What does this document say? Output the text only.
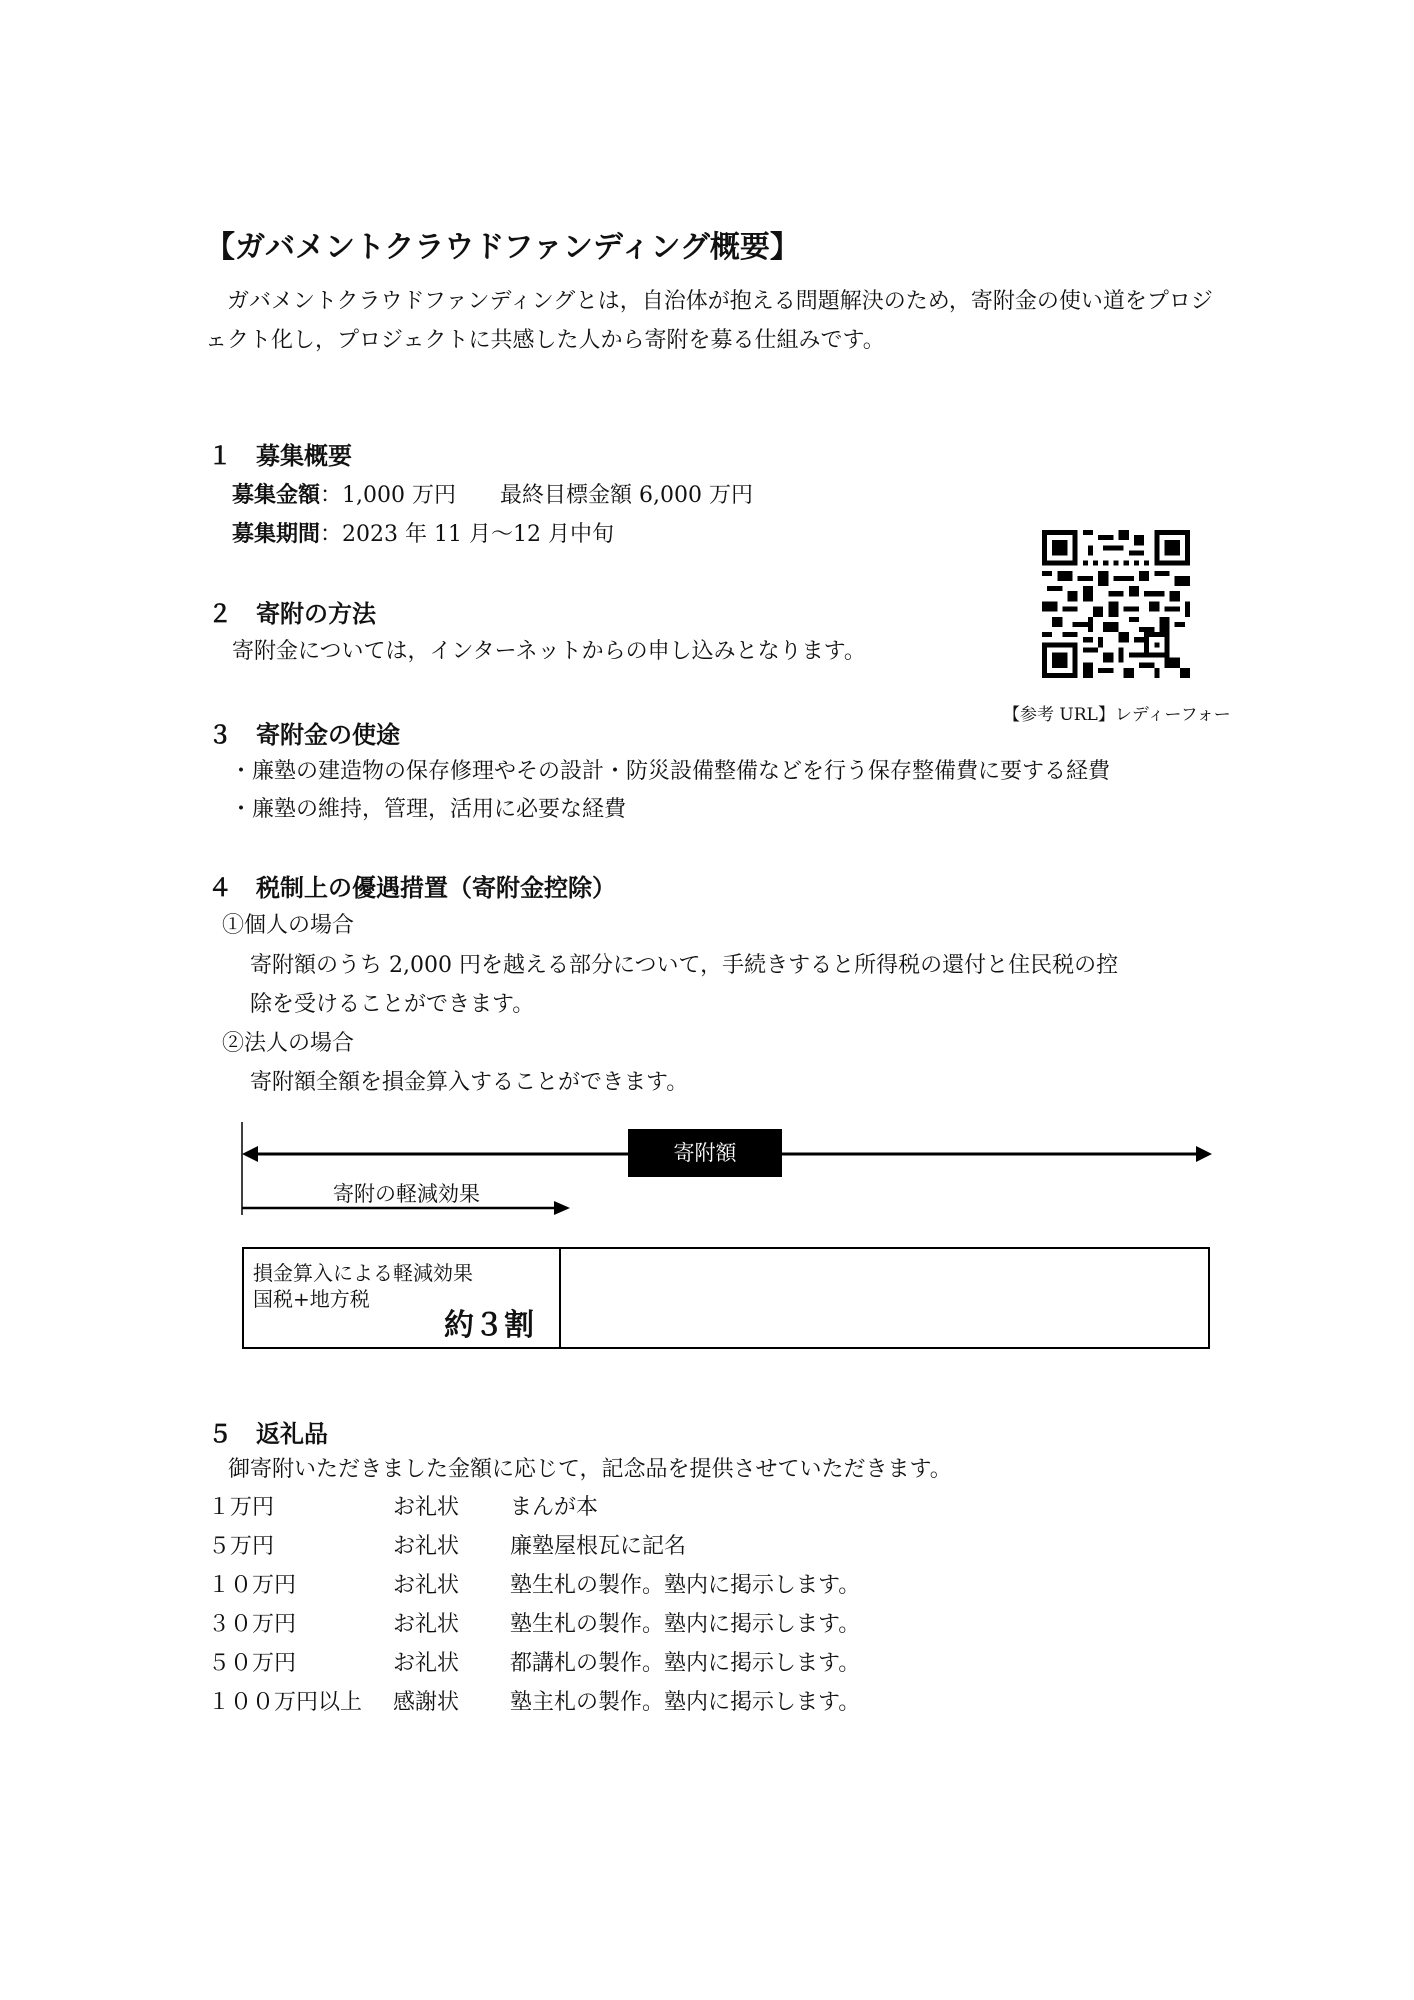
【ガバメントクラウドファンディング概要】
ガバメントクラウドファンディングとは，自治体が抱える問題解決のため，寄附金の使い道をプロジェクト化し，プロジェクトに共感した人から寄附を募る仕組みです。
１　募集概要
募集金額：1,000 万円　　最終目標金額 6,000 万円
募集期間：2023 年 11 月～12 月中旬
２　寄附の方法
寄附金については，インターネットからの申し込みとなります。
【参考 URL】レディーフォー
３　寄附金の使途
・廉塾の建造物の保存修理やその設計・防災設備整備などを行う保存整備費に要する経費
・廉塾の維持，管理，活用に必要な経費
４　税制上の優遇措置（寄附金控除）
①個人の場合
寄附額のうち 2,000 円を越える部分について，手続きすると所得税の還付と住民税の控
除を受けることができます。
②法人の場合
寄附額全額を損金算入することができます。
寄附額
寄附の軽減効果
損金算入による軽減効果
国税+地方税
約３割
５　返礼品
御寄附いただきました金額に応じて，記念品を提供させていただきます。
１万円	お礼状 まんが本
５万円	お礼状 廉塾屋根瓦に記名
１０万円	お礼状 塾生札の製作。塾内に掲示します。
３０万円	お礼状 塾生札の製作。塾内に掲示します。
５０万円	お礼状 都講札の製作。塾内に掲示します。
１００万円以上 感謝状 塾主札の製作。塾内に掲示します。
